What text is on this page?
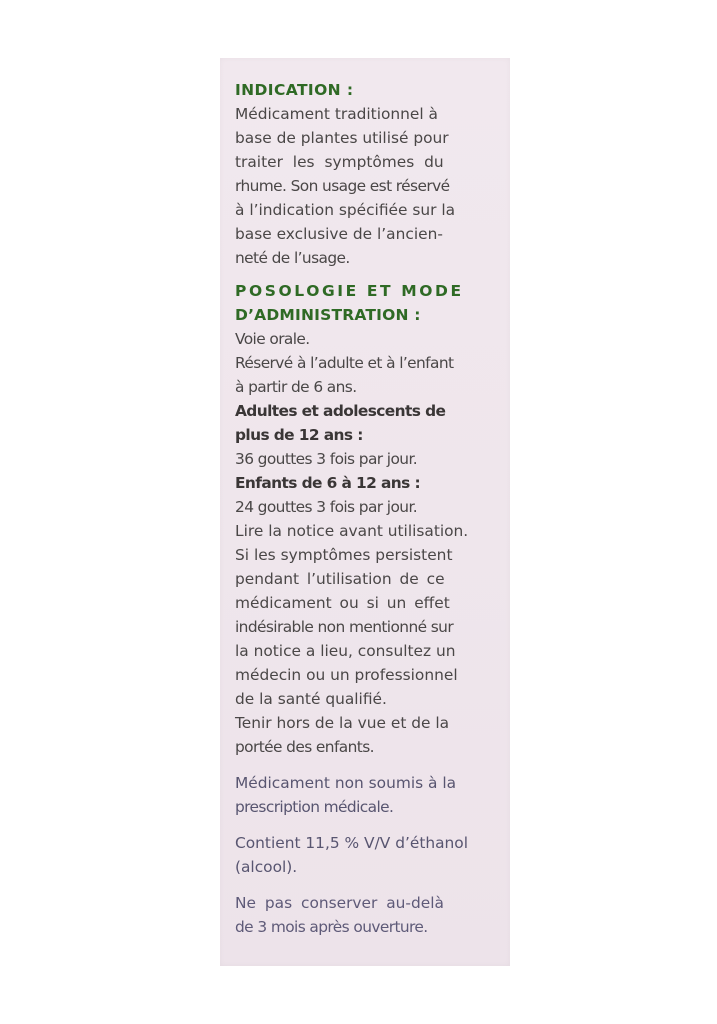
INDICATION :
Médicament traditionnel à
base de plantes utilisé pour
traiter les symptômes du
rhume. Son usage est réservé
à l’indication spécifiée sur la
base exclusive de l’ancien-
neté de l’usage.
POSOLOGIE ET MODE
D’ADMINISTRATION :
Voie orale.
Réservé à l’adulte et à l’enfant
à partir de 6 ans.
Adultes et adolescents de
plus de 12 ans :
36 gouttes 3 fois par jour.
Enfants de 6 à 12 ans :
24 gouttes 3 fois par jour.
Lire la notice avant utilisation.
Si les symptômes persistent
pendant l’utilisation de ce
médicament ou si un effet
indésirable non mentionné sur
la notice a lieu, consultez un
médecin ou un professionnel
de la santé qualifié.
Tenir hors de la vue et de la
portée des enfants.
Médicament non soumis à la
prescription médicale.
Contient 11,5 % V/V d’éthanol
(alcool).
Ne pas conserver au-delà
de 3 mois après ouverture.
